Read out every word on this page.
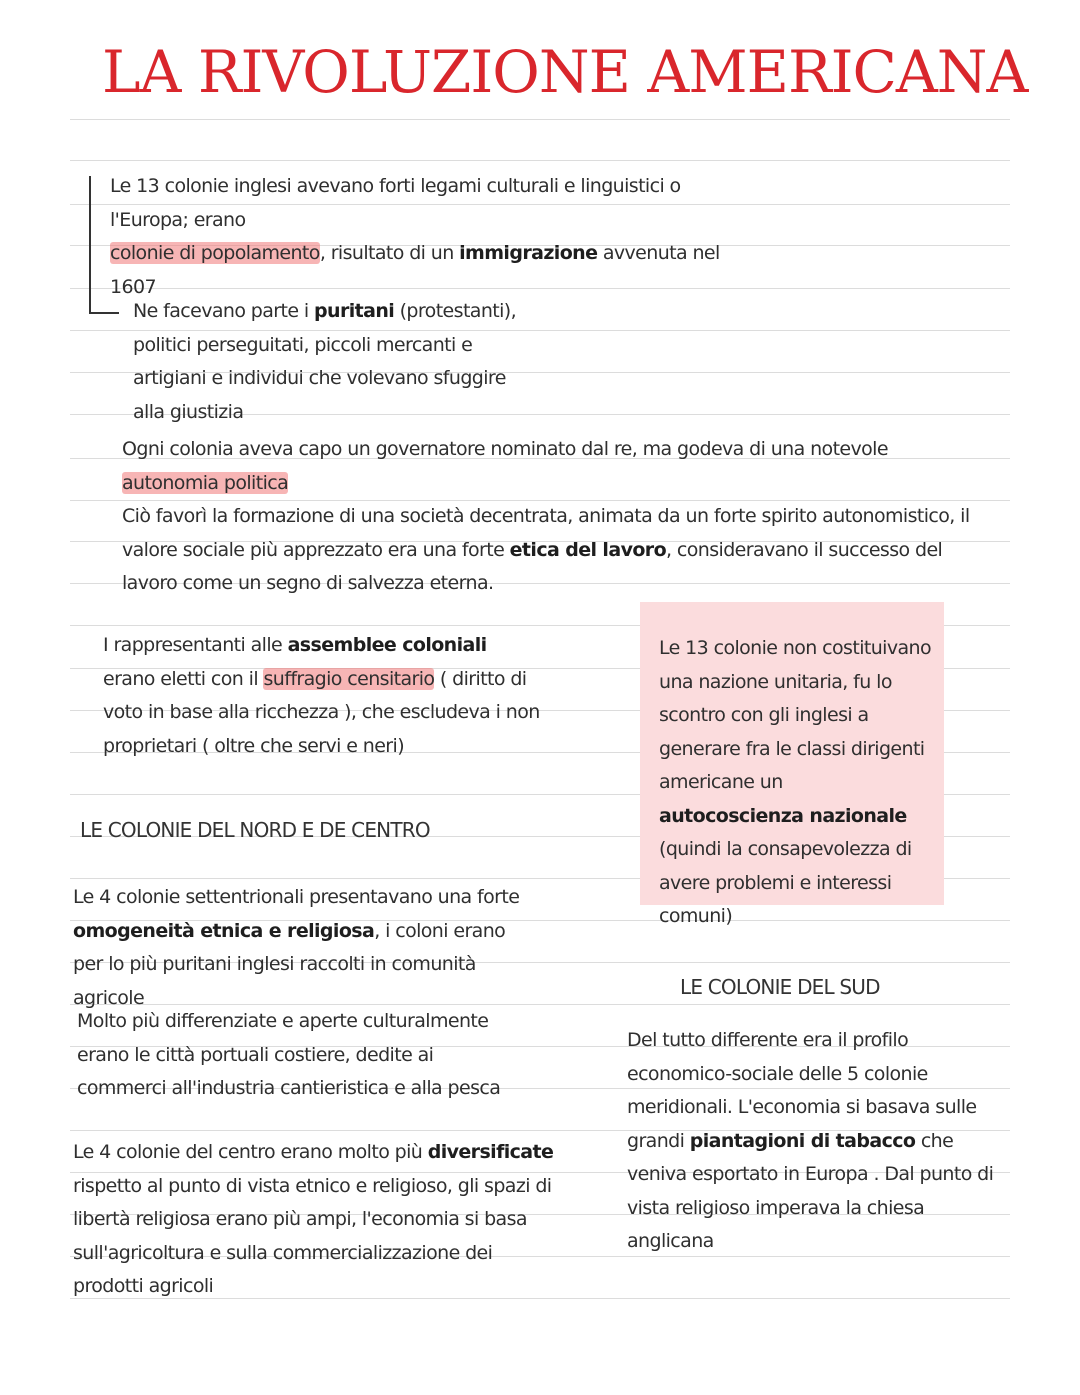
LA RIVOLUZIONE AMERICANA
Le 13 colonie inglesi avevano forti legami culturali e linguistici o l'Europa; erano
colonie di popolamento, risultato di un immigrazione avvenuta nel 1607
Ne facevano parte i puritani (protestanti), politici perseguitati, piccoli mercanti e artigiani e individui che volevano sfuggire alla giustizia
Ogni colonia aveva capo un governatore nominato dal re, ma godeva di una notevole autonomia politica
Ciò favorì la formazione di una società decentrata, animata da un forte spirito autonomistico, il valore sociale più apprezzato era una forte etica del lavoro, consideravano il successo del lavoro come un segno di salvezza eterna.
I rappresentanti alle assemblee coloniali erano eletti con il suffragio censitario ( diritto di voto in base alla ricchezza ), che escludeva i non proprietari ( oltre che servi e neri)
Le 13 colonie non costituivano una nazione unitaria, fu lo scontro con gli inglesi a generare fra le classi dirigenti americane un
autocoscienza nazionale
(quindi la consapevolezza di avere problemi e interessi comuni)
LE COLONIE DEL NORD E DE CENTRO
Le 4 colonie settentrionali presentavano una forte omogeneità etnica e religiosa, i coloni erano per lo più puritani inglesi raccolti in comunità agricole
Molto più differenziate e aperte culturalmente erano le città portuali costiere, dedite ai commerci all'industria cantieristica e alla pesca
Le 4 colonie del centro erano molto più diversificate rispetto al punto di vista etnico e religioso, gli spazi di libertà religiosa erano più ampi, l'economia si basa sull'agricoltura e sulla commercializzazione dei prodotti agricoli
LE COLONIE DEL SUD
Del tutto differente era il profilo economico-sociale delle 5 colonie meridionali. L'economia si basava sulle grandi piantagioni di tabacco che veniva esportato in Europa . Dal punto di vista religioso imperava la chiesa anglicana
